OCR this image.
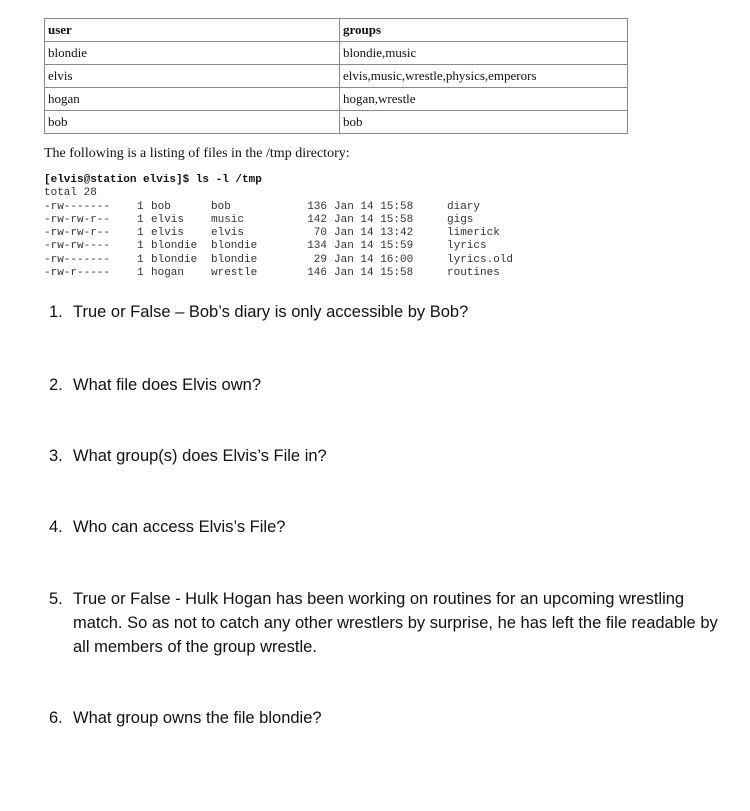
user	groups
blondie	blondie,music
elvis	elvis,music,wrestle,physics,emperors
hogan	hogan,wrestle
bob	bob
The following is a listing of files in the /tmp directory:
[elvis@station elvis]$ ls -l /tmp
total 28
-rw-------	1 bob	bob	136 Jan 14 15:58	diary
-rw-rw-r--	1 elvis	music	142 Jan 14 15:58	gigs
-rw-rw-r--	1 elvis	elvis	70 Jan 14 13:42	limerick
-rw-rw----	1 blondie	blondie	134 Jan 14 15:59	lyrics
-rw-------	1 blondie	blondie	29 Jan 14 16:00	lyrics.old
-rw-r-----	1 hogan	wrestle	146 Jan 14 15:58	routines
1. True or False – Bob’s diary is only accessible by Bob?
2. What file does Elvis own?
3. What group(s) does Elvis’s File in?
4. Who can access Elvis’s File?
5. True or False - Hulk Hogan has been working on routines for an upcoming wrestling match. So as not to catch any other wrestlers by surprise, he has left the file readable by all members of the group wrestle.
6. What group owns the file blondie?
